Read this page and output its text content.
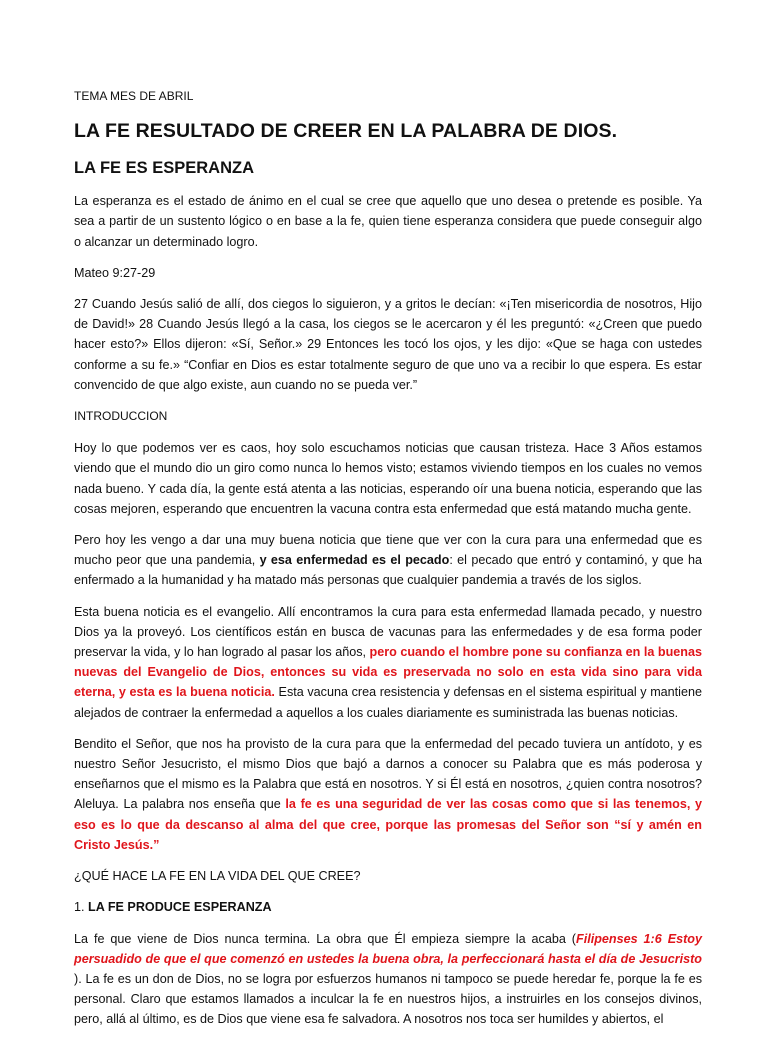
TEMA MES DE ABRIL

LA FE RESULTADO DE CREER EN LA PALABRA DE DIOS.
LA FE ES ESPERANZA

La esperanza es el estado de ánimo en el cual se cree que aquello que uno desea o pretende es posible. Ya sea a partir de un sustento lógico o en base a la fe, quien tiene esperanza considera que puede conseguir algo o alcanzar un determinado logro.

Mateo 9:27-29

27 Cuando Jesús salió de allí, dos ciegos lo siguieron, y a gritos le decían: «¡Ten misericordia de nosotros, Hijo de David!» 28 Cuando Jesús llegó a la casa, los ciegos se le acercaron y él les preguntó: «¿Creen que puedo hacer esto?» Ellos dijeron: «Sí, Señor.» 29 Entonces les tocó los ojos, y les dijo: «Que se haga con ustedes conforme a su fe.» “Confiar en Dios es estar totalmente seguro de que uno va a recibir lo que espera. Es estar convencido de que algo existe, aun cuando no se pueda ver.”

INTRODUCCION

Hoy lo que podemos ver es caos, hoy solo escuchamos noticias que causan tristeza. Hace 3 Años estamos viendo que el mundo dio un giro como nunca lo hemos visto; estamos viviendo tiempos en los cuales no vemos nada bueno. Y cada día, la gente está atenta a las noticias, esperando oír una buena noticia, esperando que las cosas mejoren, esperando que encuentren la vacuna contra esta enfermedad que está matando mucha gente.

Pero hoy les vengo a dar una muy buena noticia que tiene que ver con la cura para una enfermedad que es mucho peor que una pandemia, y esa enfermedad es el pecado: el pecado que entró y contaminó, y que ha enfermado a la humanidad y ha matado más personas que cualquier pandemia a través de los siglos.

Esta buena noticia es el evangelio. Allí encontramos la cura para esta enfermedad llamada pecado, y nuestro Dios ya la proveyó. Los científicos están en busca de vacunas para las enfermedades y de esa forma poder preservar la vida, y lo han logrado al pasar los años, pero cuando el hombre pone su confianza en la buenas nuevas del Evangelio de Dios, entonces su vida es preservada no solo en esta vida sino para vida eterna, y esta es la buena noticia. Esta vacuna crea resistencia y defensas en el sistema espiritual y mantiene alejados de contraer la enfermedad a aquellos a los cuales diariamente es suministrada las buenas noticias.

Bendito el Señor, que nos ha provisto de la cura para que la enfermedad del pecado tuviera un antídoto, y es nuestro Señor Jesucristo, el mismo Dios que bajó a darnos a conocer su Palabra que es más poderosa y enseñarnos que el mismo es la Palabra que está en nosotros. Y si Él está en nosotros, ¿quien contra nosotros? Aleluya. La palabra nos enseña que la fe es una seguridad de ver las cosas como que si las tenemos, y eso es lo que da descanso al alma del que cree, porque las promesas del Señor son “sí y amén en Cristo Jesús.”

¿QUÉ HACE LA FE EN LA VIDA DEL QUE CREE?

1. LA FE PRODUCE ESPERANZA

La fe que viene de Dios nunca termina. La obra que Él empieza siempre la acaba (Filipenses 1:6 Estoy persuadido de que el que comenzó en ustedes la buena obra, la perfeccionará hasta el día de Jesucristo ). La fe es un don de Dios, no se logra por esfuerzos humanos ni tampoco se puede heredar fe, porque la fe es personal. Claro que estamos llamados a inculcar la fe en nuestros hijos, a instruirles en los consejos divinos, pero, allá al último, es de Dios que viene esa fe salvadora. A nosotros nos toca ser humildes y abiertos, el
